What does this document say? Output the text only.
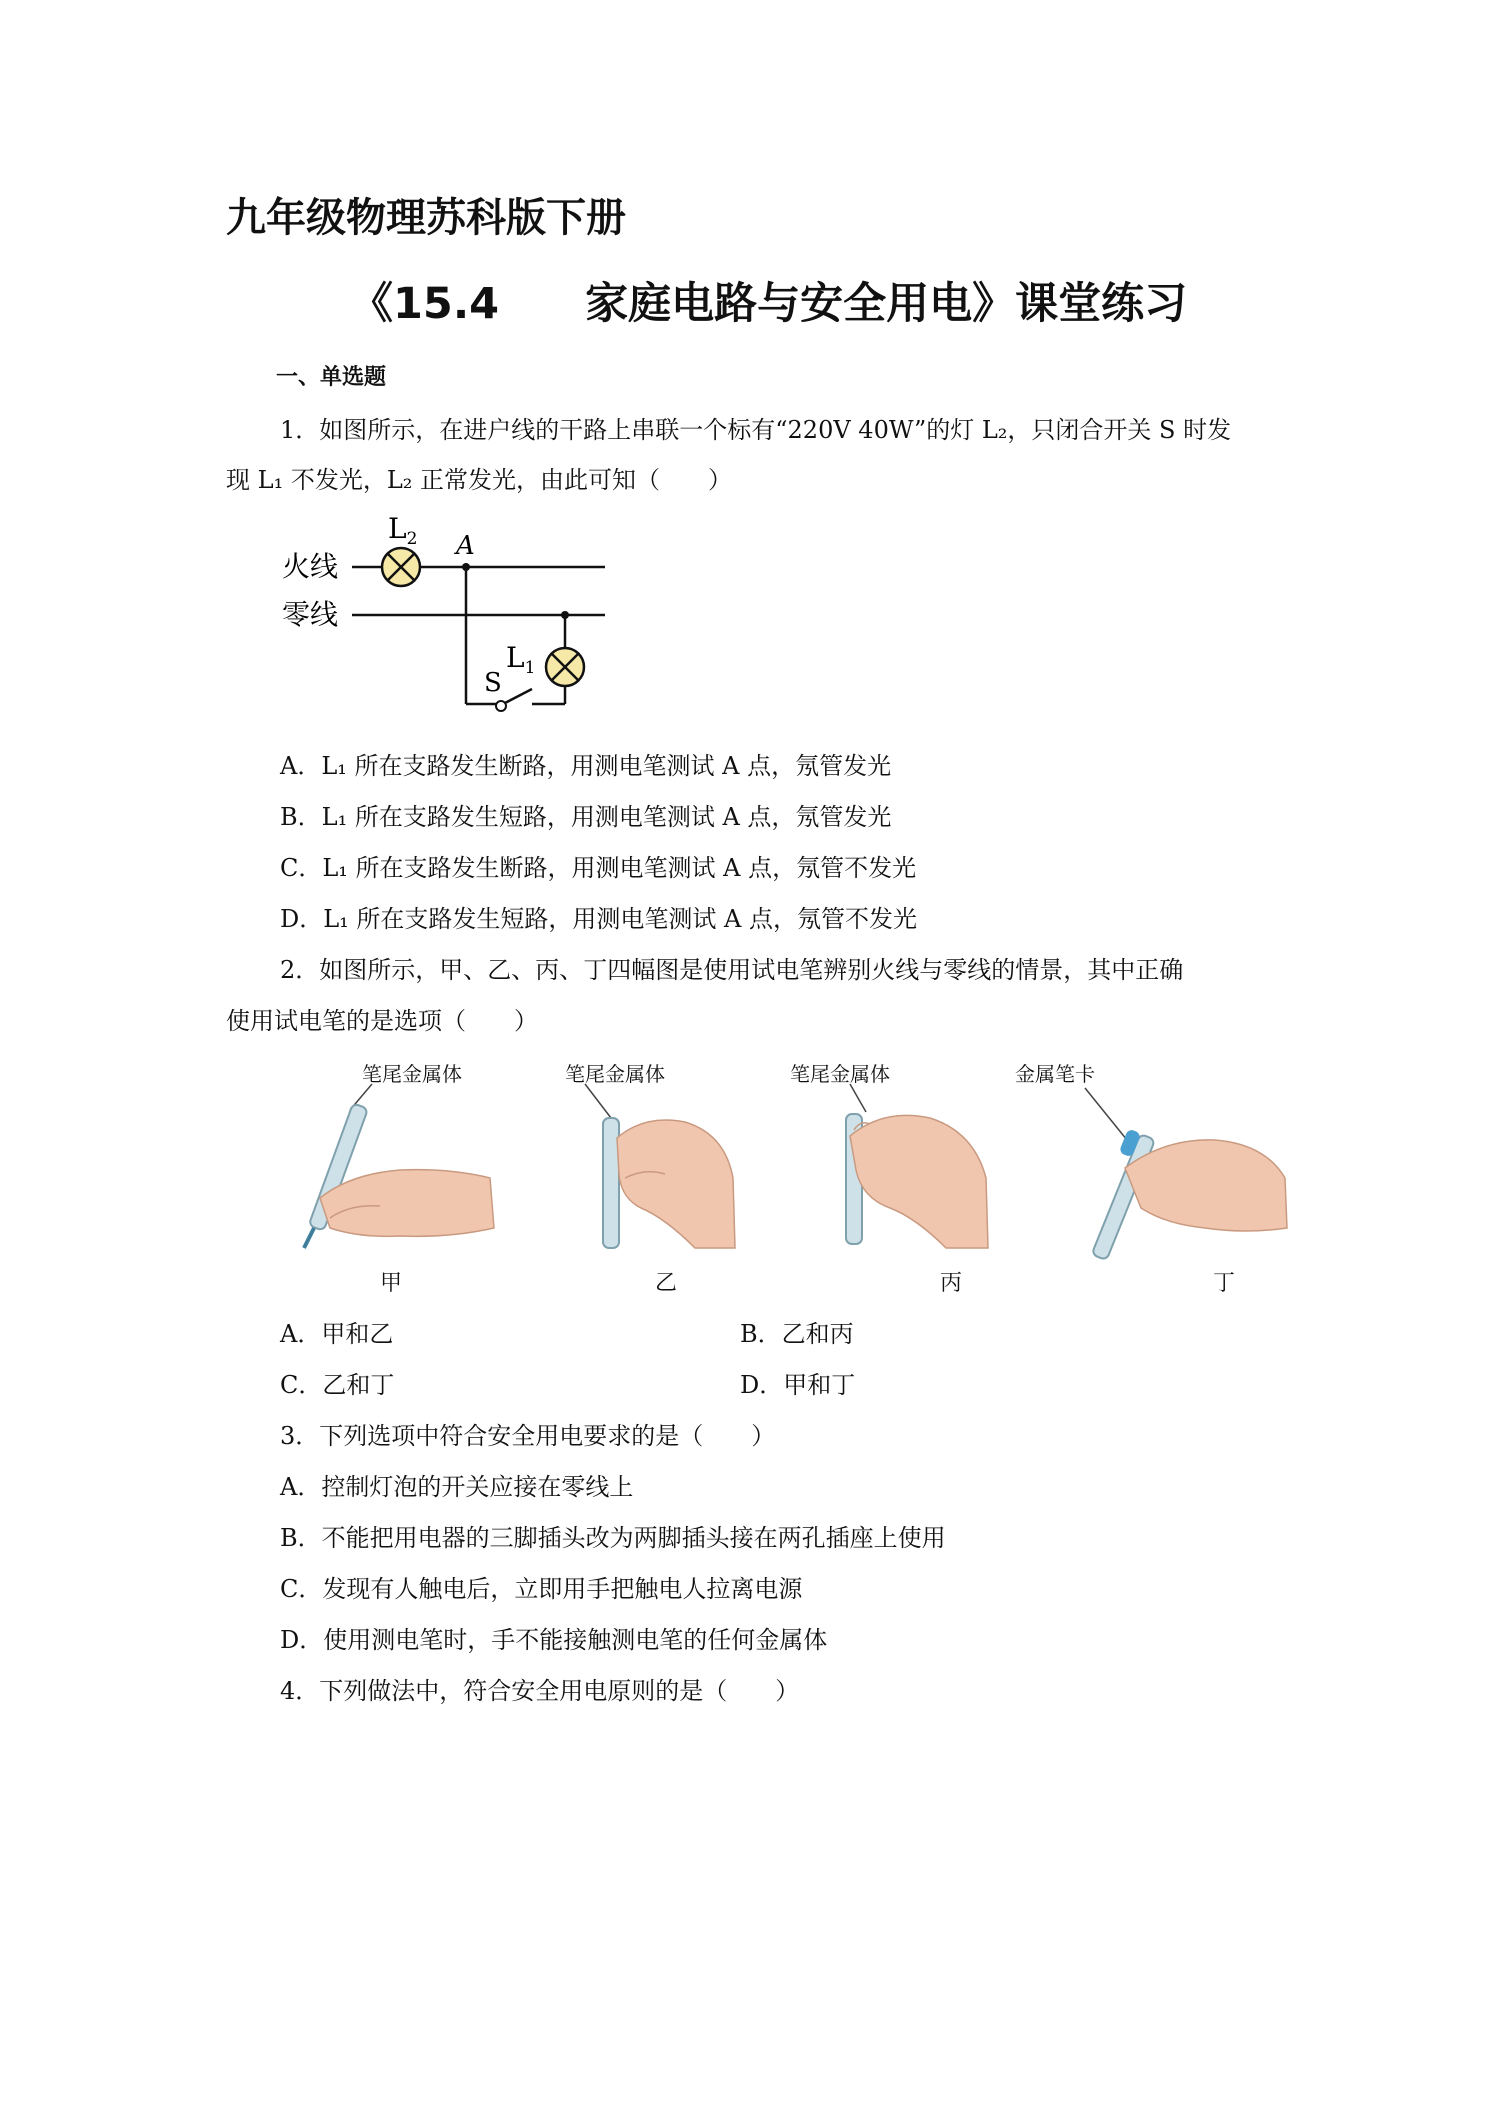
九年级物理苏科版下册
《15.4　　家庭电路与安全用电》课堂练习
一、单选题
1．如图所示，在进户线的干路上串联一个标有“220V 40W”的灯 L₂，只闭合开关 S 时发
现 L₁ 不发光，L₂ 正常发光，由此可知（　　）
火线
零线
$L_2$ A
$L_1$
S
A．L₁ 所在支路发生断路，用测电笔测试 A 点，氖管发光
B．L₁ 所在支路发生短路，用测电笔测试 A 点，氖管发光
C．L₁ 所在支路发生断路，用测电笔测试 A 点，氖管不发光
D．L₁ 所在支路发生短路，用测电笔测试 A 点，氖管不发光
2．如图所示，甲、乙、丙、丁四幅图是使用试电笔辨别火线与零线的情景，其中正确
使用试电笔的是选项（　　）
笔尾金属体
甲
笔尾金属体
乙
笔尾金属体
丙
金属笔卡
丁
A．甲和乙	B．乙和丙
C．乙和丁	D．甲和丁
3．下列选项中符合安全用电要求的是（　　）
A．控制灯泡的开关应接在零线上
B．不能把用电器的三脚插头改为两脚插头接在两孔插座上使用
C．发现有人触电后，立即用手把触电人拉离电源
D．使用测电笔时，手不能接触测电笔的任何金属体
4．下列做法中，符合安全用电原则的是（　　）
